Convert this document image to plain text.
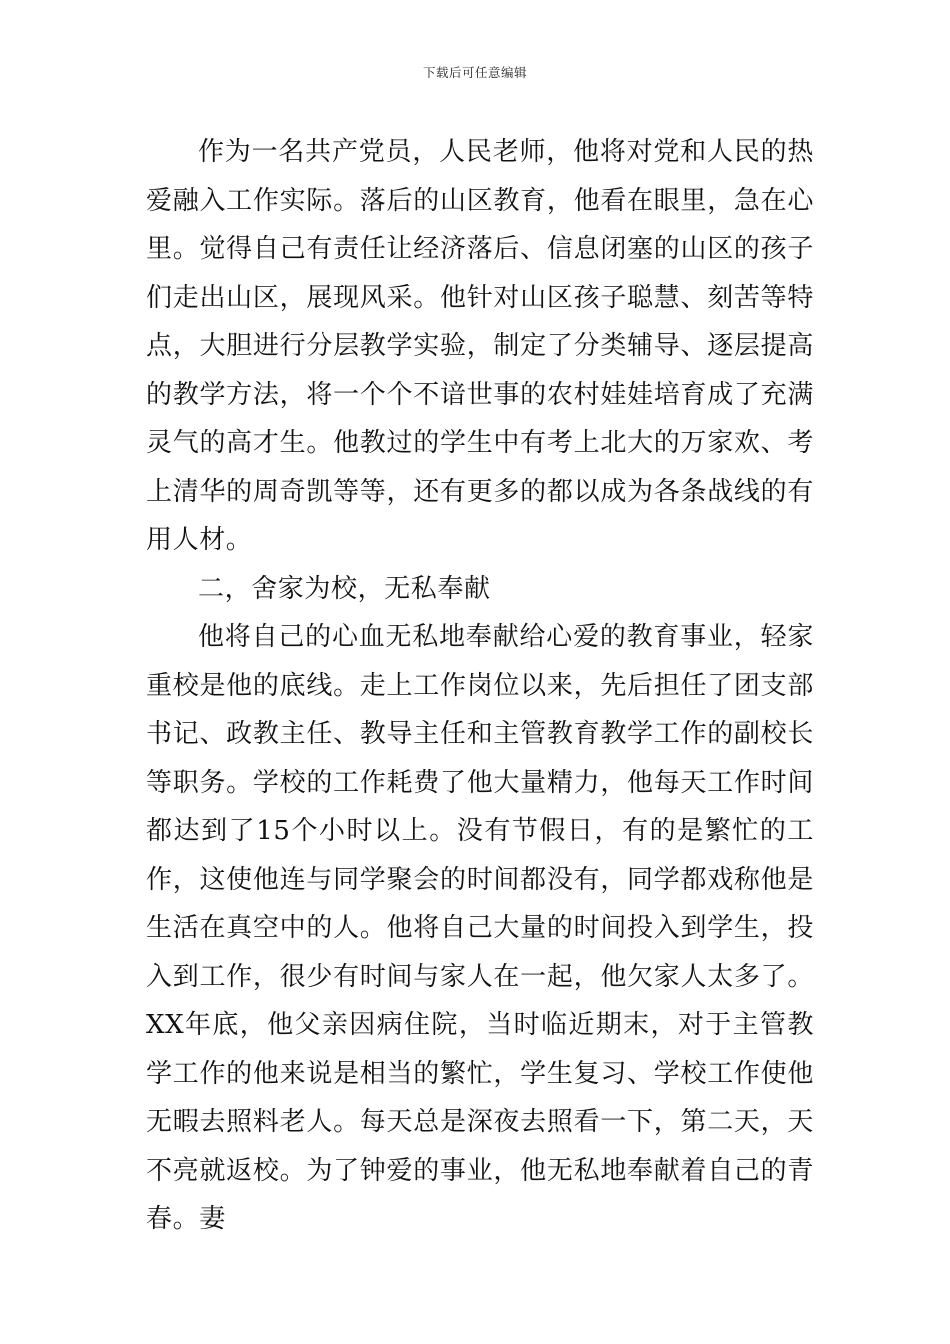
下载后可任意编辑

作为一名共产党员，人民老师，他将对党和人民的热爱融入工作实际。落后的山区教育，他看在眼里，急在心里。觉得自己有责任让经济落后、信息闭塞的山区的孩子们走出山区，展现风采。他针对山区孩子聪慧、刻苦等特点，大胆进行分层教学实验，制定了分类辅导、逐层提高的教学方法，将一个个不谙世事的农村娃娃培育成了充满灵气的高才生。他教过的学生中有考上北大的万家欢、考上清华的周奇凯等等，还有更多的都以成为各条战线的有用人材。

二，舍家为校，无私奉献

他将自己的心血无私地奉献给心爱的教育事业，轻家重校是他的底线。走上工作岗位以来，先后担任了团支部书记、政教主任、教导主任和主管教育教学工作的副校长等职务。学校的工作耗费了他大量精力，他每天工作时间都达到了15个小时以上。没有节假日，有的是繁忙的工作，这使他连与同学聚会的时间都没有，同学都戏称他是 生活在真空中的人。他将自己大量的时间投入到学生，投入到工作，很少有时间与家人在一起，他欠家人太多了。XX年底，他父亲因病住院，当时临近期末，对于主管教学工作的他来说是相当的繁忙，学生复习、学校工作使他无暇去照料老人。每天总是深夜去照看一下，第二天，天不亮就返校。为了钟爱的事业，他无私地奉献着自己的青春。妻
